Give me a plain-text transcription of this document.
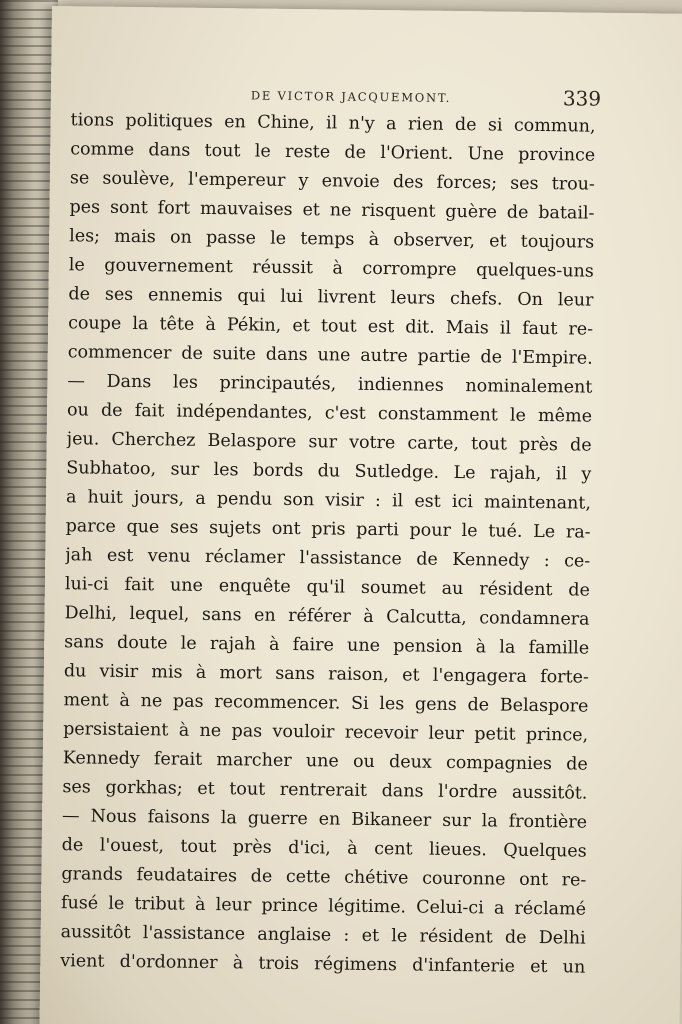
DE VICTOR JACQUEMONT.	339
tions politiques en Chine, il n'y a rien de si commun,
comme dans tout le reste de l'Orient. Une province
se soulève, l'empereur y envoie des forces; ses trou-
pes sont fort mauvaises et ne risquent guère de batail-
les; mais on passe le temps à observer, et toujours
le gouvernement réussit à corrompre quelques-uns
de ses ennemis qui lui livrent leurs chefs. On leur
coupe la tête à Pékin, et tout est dit. Mais il faut re-
commencer de suite dans une autre partie de l'Empire.
— Dans les principautés, indiennes nominalement
ou de fait indépendantes, c'est constamment le même
jeu. Cherchez Belaspore sur votre carte, tout près de
Subhatoo, sur les bords du Sutledge. Le rajah, il y
a huit jours, a pendu son visir : il est ici maintenant,
parce que ses sujets ont pris parti pour le tué. Le ra-
jah est venu réclamer l'assistance de Kennedy : ce-
lui-ci fait une enquête qu'il soumet au résident de
Delhi, lequel, sans en référer à Calcutta, condamnera
sans doute le rajah à faire une pension à la famille
du visir mis à mort sans raison, et l'engagera forte-
ment à ne pas recommencer. Si les gens de Belaspore
persistaient à ne pas vouloir recevoir leur petit prince,
Kennedy ferait marcher une ou deux compagnies de
ses gorkhas; et tout rentrerait dans l'ordre aussitôt.
— Nous faisons la guerre en Bikaneer sur la frontière
de l'ouest, tout près d'ici, à cent lieues. Quelques
grands feudataires de cette chétive couronne ont re-
fusé le tribut à leur prince légitime. Celui-ci a réclamé
aussitôt l'assistance anglaise : et le résident de Delhi
vient d'ordonner à trois régimens d'infanterie et un
